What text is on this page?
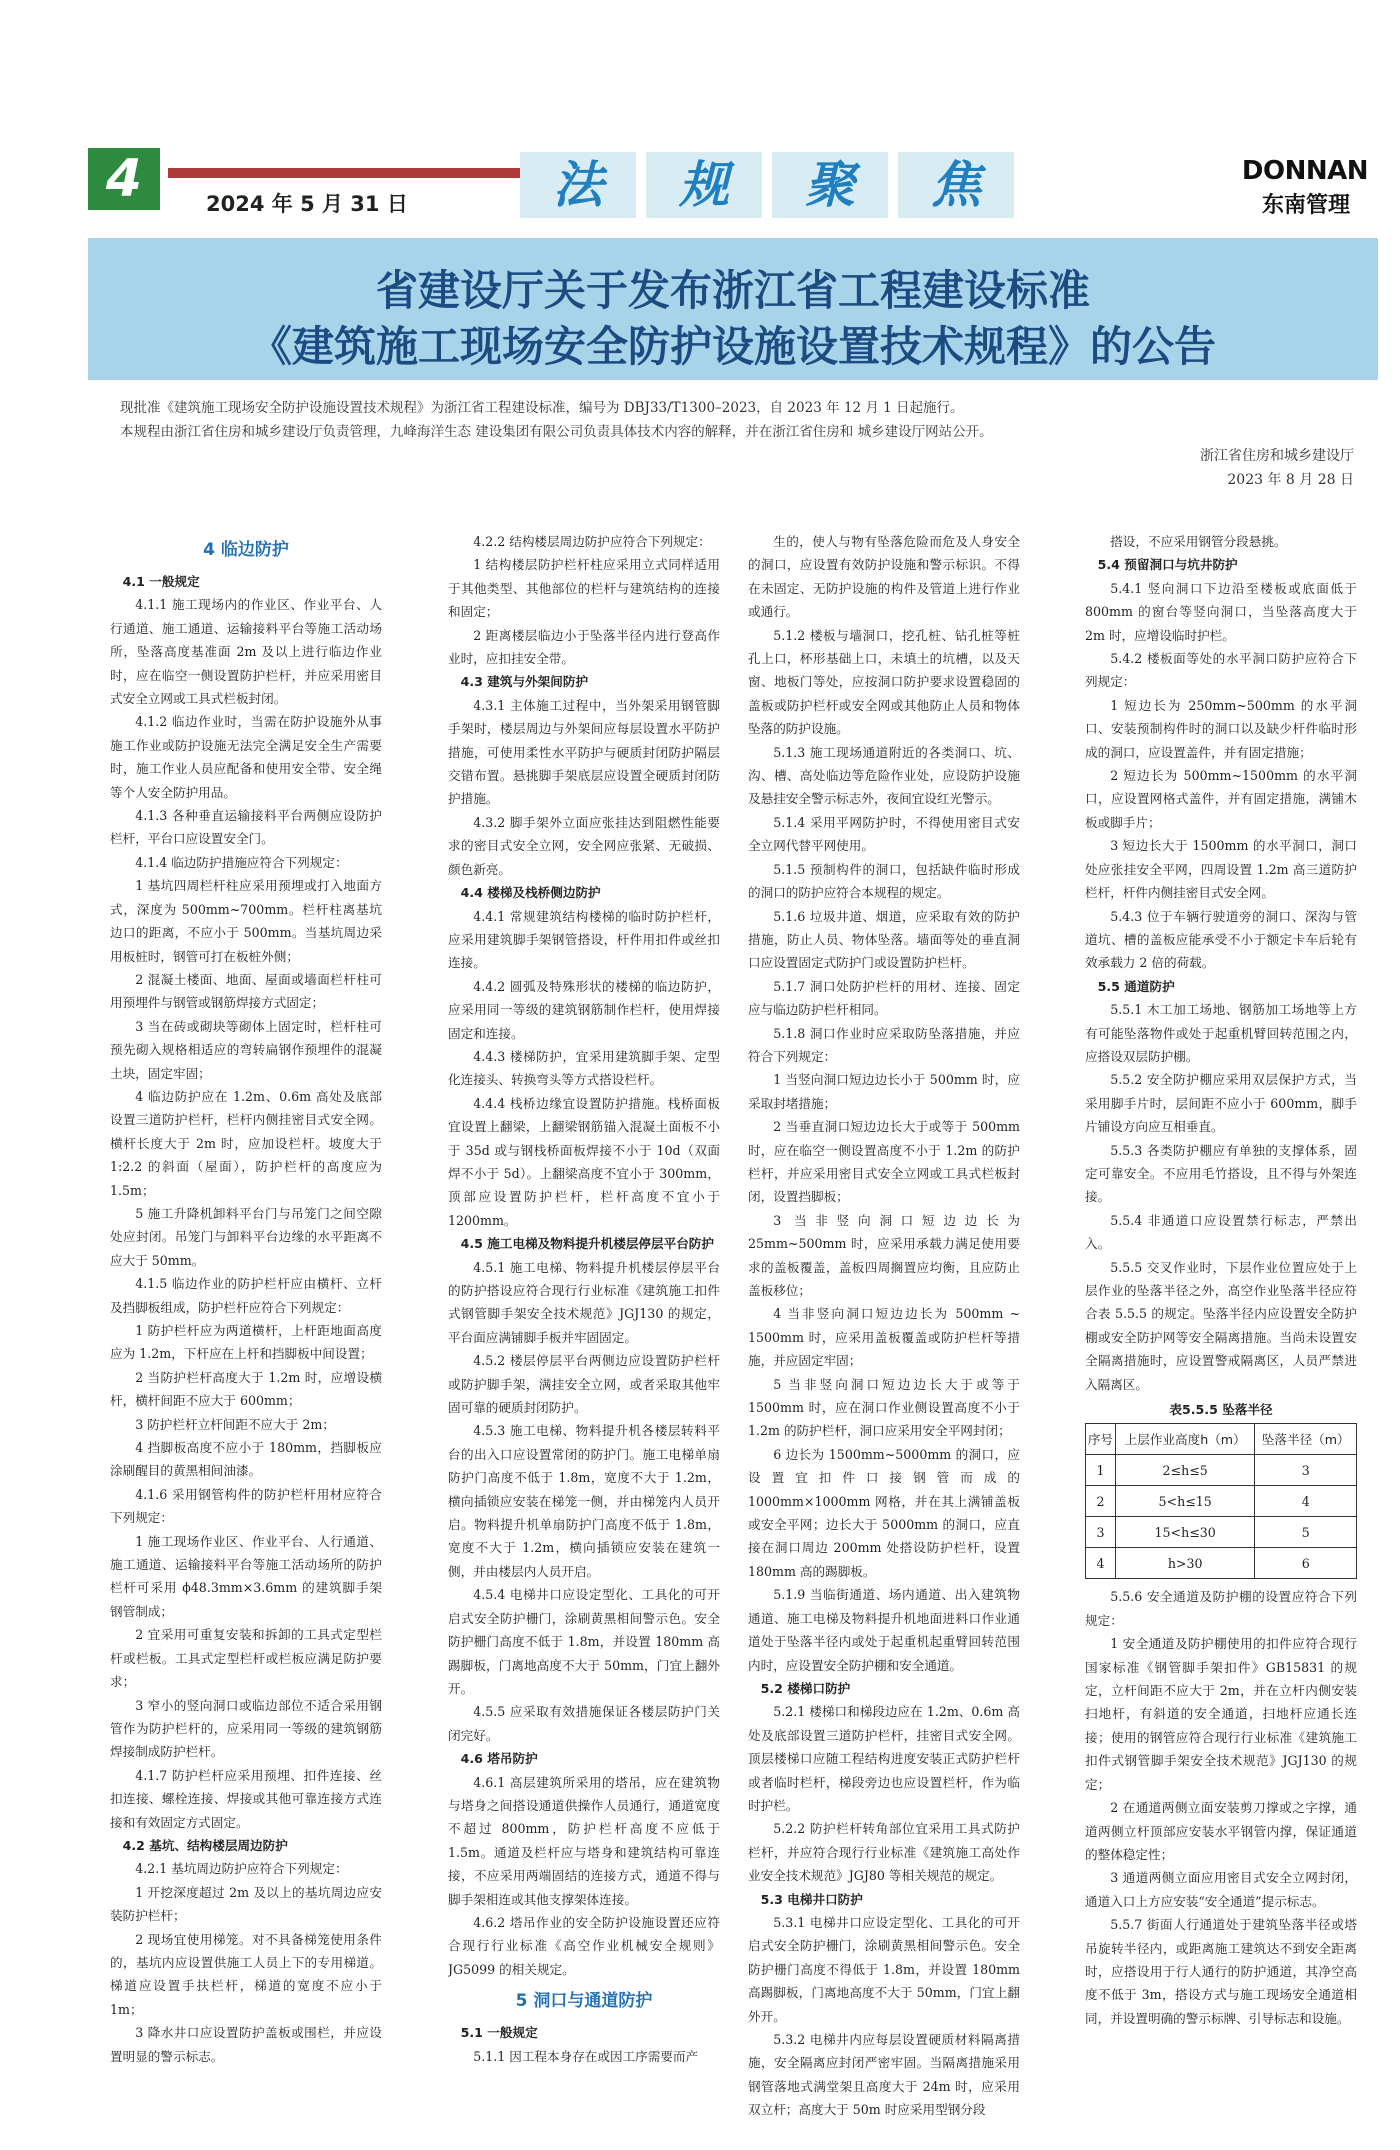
4	2024 年 5 月 31 日	法	规	聚	焦	DONNAN
东南管理
省建设厅关于发布浙江省工程建设标准
《建筑施工现场安全防护设施设置技术规程》的公告

现批准《建筑施工现场安全防护设施设置技术规程》为浙江省工程建设标准，编号为 DBJ33/T1300–2023，自 2023 年 12 月 1 日起施行。

本规程由浙江省住房和城乡建设厅负责管理，九峰海洋生态 建设集团有限公司负责具体技术内容的解释，并在浙江省住房和 城乡建设厅网站公开。

浙江省住房和城乡建设厅
2023 年 8 月 28 日

4 临边防护

4.1 一般规定

4.1.1 施工现场内的作业区、作业平台、人行通道、施工通道、运输接料平台等施工活动场所，坠落高度基准面 2m 及以上进行临边作业时，应在临空一侧设置防护栏杆，并应采用密目式安全立网或工具式栏板封闭。

4.1.2 临边作业时，当需在防护设施外从事施工作业或防护设施无法完全满足安全生产需要时，施工作业人员应配备和使用安全带、安全绳等个人安全防护用品。

4.1.3 各种垂直运输接料平台两侧应设防护栏杆，平台口应设置安全门。

4.1.4 临边防护措施应符合下列规定：

1 基坑四周栏杆柱应采用预埋或打入地面方式，深度为 500mm~700mm。栏杆柱离基坑边口的距离，不应小于 500mm。当基坑周边采用板桩时，钢管可打在板桩外侧；

2 混凝土楼面、地面、屋面或墙面栏杆柱可用预埋件与钢管或钢筋焊接方式固定；

3 当在砖或砌块等砌体上固定时，栏杆柱可预先砌入规格相适应的弯转扁钢作预埋件的混凝土块，固定牢固；

4 临边防护应在 1.2m、0.6m 高处及底部设置三道防护栏杆，栏杆内侧挂密目式安全网。横杆长度大于 2m 时，应加设栏杆。坡度大于 1:2.2 的斜面（屋面），防护栏杆的高度应为 1.5m；

5 施工升降机卸料平台门与吊笼门之间空隙处应封闭。吊笼门与卸料平台边缘的水平距离不应大于 50mm。

4.1.5 临边作业的防护栏杆应由横杆、立杆及挡脚板组成，防护栏杆应符合下列规定：

1 防护栏杆应为两道横杆，上杆距地面高度应为 1.2m，下杆应在上杆和挡脚板中间设置；

2 当防护栏杆高度大于 1.2m 时，应增设横杆，横杆间距不应大于 600mm；

3 防护栏杆立杆间距不应大于 2m；

4 挡脚板高度不应小于 180mm，挡脚板应涂刷醒目的黄黑相间油漆。

4.1.6 采用钢管构件的防护栏杆用材应符合下列规定：

1 施工现场作业区、作业平台、人行通道、施工通道、运输接料平台等施工活动场所的防护栏杆可采用 ϕ48.3mm×3.6mm 的建筑脚手架钢管制成；

2 宜采用可重复安装和拆卸的工具式定型栏杆或栏板。工具式定型栏杆或栏板应满足防护要求；

3 窄小的竖向洞口或临边部位不适合采用钢管作为防护栏杆的，应采用同一等级的建筑钢筋焊接制成防护栏杆。

4.1.7 防护栏杆应采用预埋、扣件连接、丝扣连接、螺栓连接、焊接或其他可靠连接方式连接和有效固定方式固定。

4.2 基坑、结构楼层周边防护

4.2.1 基坑周边防护应符合下列规定：

1 开挖深度超过 2m 及以上的基坑周边应安装防护栏杆；

2 现场宜使用梯笼。对不具备梯笼使用条件的，基坑内应设置供施工人员上下的专用梯道。梯道应设置手扶栏杆，梯道的宽度不应小于 1m；

3 降水井口应设置防护盖板或围栏，并应设置明显的警示标志。

4.2.2 结构楼层周边防护应符合下列规定：

1 结构楼层防护栏杆柱应采用立式同样适用于其他类型、其他部位的栏杆与建筑结构的连接和固定；

2 距离楼层临边小于坠落半径内进行登高作业时，应扣挂安全带。

4.3 建筑与外架间防护

4.3.1 主体施工过程中，当外架采用钢管脚手架时，楼层周边与外架间应每层设置水平防护措施，可使用柔性水平防护与硬质封闭防护隔层交错布置。悬挑脚手架底层应设置全硬质封闭防护措施。

4.3.2 脚手架外立面应张挂达到阻燃性能要求的密目式安全立网，安全网应张紧、无破损、颜色新亮。

4.4 楼梯及栈桥侧边防护

4.4.1 常规建筑结构楼梯的临时防护栏杆，应采用建筑脚手架钢管搭设，杆件用扣件或丝扣连接。

4.4.2 圆弧及特殊形状的楼梯的临边防护，应采用同一等级的建筑钢筋制作栏杆，使用焊接固定和连接。

4.4.3 楼梯防护，宜采用建筑脚手架、定型化连接头、转换弯头等方式搭设栏杆。

4.4.4 栈桥边缘宜设置防护措施。栈桥面板宜设置上翻梁，上翻梁钢筋锚入混凝土面板不小于 35d 或与钢栈桥面板焊接不小于 10d（双面焊不小于 5d）。上翻梁高度不宜小于 300mm，顶部应设置防护栏杆，栏杆高度不宜小于 1200mm。

4.5 施工电梯及物料提升机楼层停层平台防护

4.5.1 施工电梯、物料提升机楼层停层平台的防护搭设应符合现行行业标准《建筑施工扣件式钢管脚手架安全技术规范》JGJ130 的规定，平台面应满铺脚手板并牢固固定。

4.5.2 楼层停层平台两侧边应设置防护栏杆或防护脚手架，满挂安全立网，或者采取其他牢固可靠的硬质封闭防护。

4.5.3 施工电梯、物料提升机各楼层转料平台的出入口应设置常闭的防护门。施工电梯单扇防护门高度不低于 1.8m，宽度不大于 1.2m，横向插锁应安装在梯笼一侧，并由梯笼内人员开启。物料提升机单扇防护门高度不低于 1.8m，宽度不大于 1.2m，横向插锁应安装在建筑一侧，并由楼层内人员开启。

4.5.4 电梯井口应设定型化、工具化的可开启式安全防护栅门，涂刷黄黑相间警示色。安全防护栅门高度不低于 1.8m，并设置 180mm 高踢脚板，门离地高度不大于 50mm，门宜上翻外开。

4.5.5 应采取有效措施保证各楼层防护门关闭完好。

4.6 塔吊防护

4.6.1 高层建筑所采用的塔吊，应在建筑物与塔身之间搭设通道供操作人员通行，通道宽度不超过 800mm，防护栏杆高度不应低于 1.5m。通道及栏杆应与塔身和建筑结构可靠连接，不应采用两端固结的连接方式，通道不得与脚手架相连或其他支撑架体连接。

4.6.2 塔吊作业的安全防护设施设置还应符合现行行业标准《高空作业机械安全规则》JG5099 的相关规定。

5 洞口与通道防护

5.1 一般规定

5.1.1 因工程本身存在或因工序需要而产

生的，使人与物有坠落危险而危及人身安全的洞口，应设置有效防护设施和警示标识。不得在未固定、无防护设施的构件及管道上进行作业或通行。

5.1.2 楼板与墙洞口，挖孔桩、钻孔桩等桩孔上口，杯形基础上口，未填土的坑槽，以及天窗、地板门等处，应按洞口防护要求设置稳固的盖板或防护栏杆或安全网或其他防止人员和物体坠落的防护设施。

5.1.3 施工现场通道附近的各类洞口、坑、沟、槽、高处临边等危险作业处，应设防护设施及悬挂安全警示标志外，夜间宜设红光警示。

5.1.4 采用平网防护时，不得使用密目式安全立网代替平网使用。

5.1.5 预制构件的洞口，包括缺件临时形成的洞口的防护应符合本规程的规定。

5.1.6 垃圾井道、烟道，应采取有效的防护措施，防止人员、物体坠落。墙面等处的垂直洞口应设置固定式防护门或设置防护栏杆。

5.1.7 洞口处防护栏杆的用材、连接、固定应与临边防护栏杆相同。

5.1.8 洞口作业时应采取防坠落措施，并应符合下列规定：

1 当竖向洞口短边边长小于 500mm 时，应采取封堵措施；

2 当垂直洞口短边边长大于或等于 500mm 时，应在临空一侧设置高度不小于 1.2m 的防护栏杆，并应采用密目式安全立网或工具式栏板封闭，设置挡脚板；

3 当非竖向洞口短边边长为 25mm~500mm 时，应采用承载力满足使用要求的盖板覆盖，盖板四周搁置应均衡，且应防止盖板移位；

4 当非竖向洞口短边边长为 500mm ~ 1500mm 时，应采用盖板覆盖或防护栏杆等措施，并应固定牢固；

5 当非竖向洞口短边边长大于或等于 1500mm 时，应在洞口作业侧设置高度不小于 1.2m 的防护栏杆，洞口应采用安全平网封闭；

6 边长为 1500mm~5000mm 的洞口，应设置宜扣件口接钢管而成的 1000mm×1000mm 网格，并在其上满铺盖板或安全平网；边长大于 5000mm 的洞口，应直接在洞口周边 200mm 处搭设防护栏杆，设置 180mm 高的踢脚板。

5.1.9 当临街通道、场内通道、出入建筑物通道、施工电梯及物料提升机地面进料口作业通道处于坠落半径内或处于起重机起重臂回转范围内时，应设置安全防护棚和安全通道。

5.2 楼梯口防护

5.2.1 楼梯口和梯段边应在 1.2m、0.6m 高处及底部设置三道防护栏杆，挂密目式安全网。顶层楼梯口应随工程结构进度安装正式防护栏杆或者临时栏杆，梯段旁边也应设置栏杆，作为临时护栏。

5.2.2 防护栏杆转角部位宜采用工具式防护栏杆，并应符合现行行业标准《建筑施工高处作业安全技术规范》JGJ80 等相关规范的规定。

5.3 电梯井口防护

5.3.1 电梯井口应设定型化、工具化的可开启式安全防护栅门，涂刷黄黑相间警示色。安全防护栅门高度不得低于 1.8m，并设置 180mm 高踢脚板，门离地高度不大于 50mm，门宜上翻外开。

5.3.2 电梯井内应每层设置硬质材料隔离措施，安全隔离应封闭严密牢固。当隔离措施采用钢管落地式满堂架且高度大于 24m 时，应采用双立杆；高度大于 50m 时应采用型钢分段

搭设，不应采用钢管分段悬挑。

5.4 预留洞口与坑井防护

5.4.1 竖向洞口下边沿至楼板或底面低于 800mm 的窗台等竖向洞口，当坠落高度大于 2m 时，应增设临时护栏。

5.4.2 楼板面等处的水平洞口防护应符合下列规定：

1 短边长为 250mm~500mm 的水平洞口、安装预制构件时的洞口以及缺少杆件临时形成的洞口，应设置盖件，并有固定措施；

2 短边长为 500mm~1500mm 的水平洞口，应设置网格式盖件，并有固定措施，满铺木板或脚手片；

3 短边长大于 1500mm 的水平洞口，洞口处应张挂安全平网，四周设置 1.2m 高三道防护栏杆，杆件内侧挂密目式安全网。

5.4.3 位于车辆行驶道旁的洞口、深沟与管道坑、槽的盖板应能承受不小于额定卡车后轮有效承载力 2 倍的荷载。

5.5 通道防护

5.5.1 木工加工场地、钢筋加工场地等上方有可能坠落物件或处于起重机臂回转范围之内，应搭设双层防护棚。

5.5.2 安全防护棚应采用双层保护方式，当采用脚手片时，层间距不应小于 600mm，脚手片铺设方向应互相垂直。

5.5.3 各类防护棚应有单独的支撑体系，固定可靠安全。不应用毛竹搭设，且不得与外架连接。

5.5.4 非通道口应设置禁行标志，严禁出入。

5.5.5 交叉作业时，下层作业位置应处于上层作业的坠落半径之外，高空作业坠落半径应符合表 5.5.5 的规定。坠落半径内应设置安全防护棚或安全防护网等安全隔离措施。当尚未设置安全隔离措施时，应设置警戒隔离区，人员严禁进入隔离区。

表5.5.5 坠落半径
序号	上层作业高度h（m）	坠落半径（m）
1	2≤h≤5	3
2	5<h≤15	4
3	15<h≤30	5
4	h>30	6

5.5.6 安全通道及防护棚的设置应符合下列规定：

1 安全通道及防护棚使用的扣件应符合现行国家标准《钢管脚手架扣件》GB15831 的规定，立杆间距不应大于 2m，并在立杆内侧安装扫地杆，有斜道的安全通道，扫地杆应通长连接；使用的钢管应符合现行行业标准《建筑施工扣件式钢管脚手架安全技术规范》JGJ130 的规定；

2 在通道两侧立面安装剪刀撑或之字撑，通道两侧立杆顶部应安装水平钢管内撑，保证通道的整体稳定性；

3 通道两侧立面应用密目式安全立网封闭，通道入口上方应安装“安全通道”提示标志。

5.5.7 街面人行通道处于建筑坠落半径或塔吊旋转半径内，或距离施工建筑达不到安全距离时，应搭设用于行人通行的防护通道，其净空高度不低于 3m，搭设方式与施工现场安全通道相同，并设置明确的警示标牌、引导标志和设施。
